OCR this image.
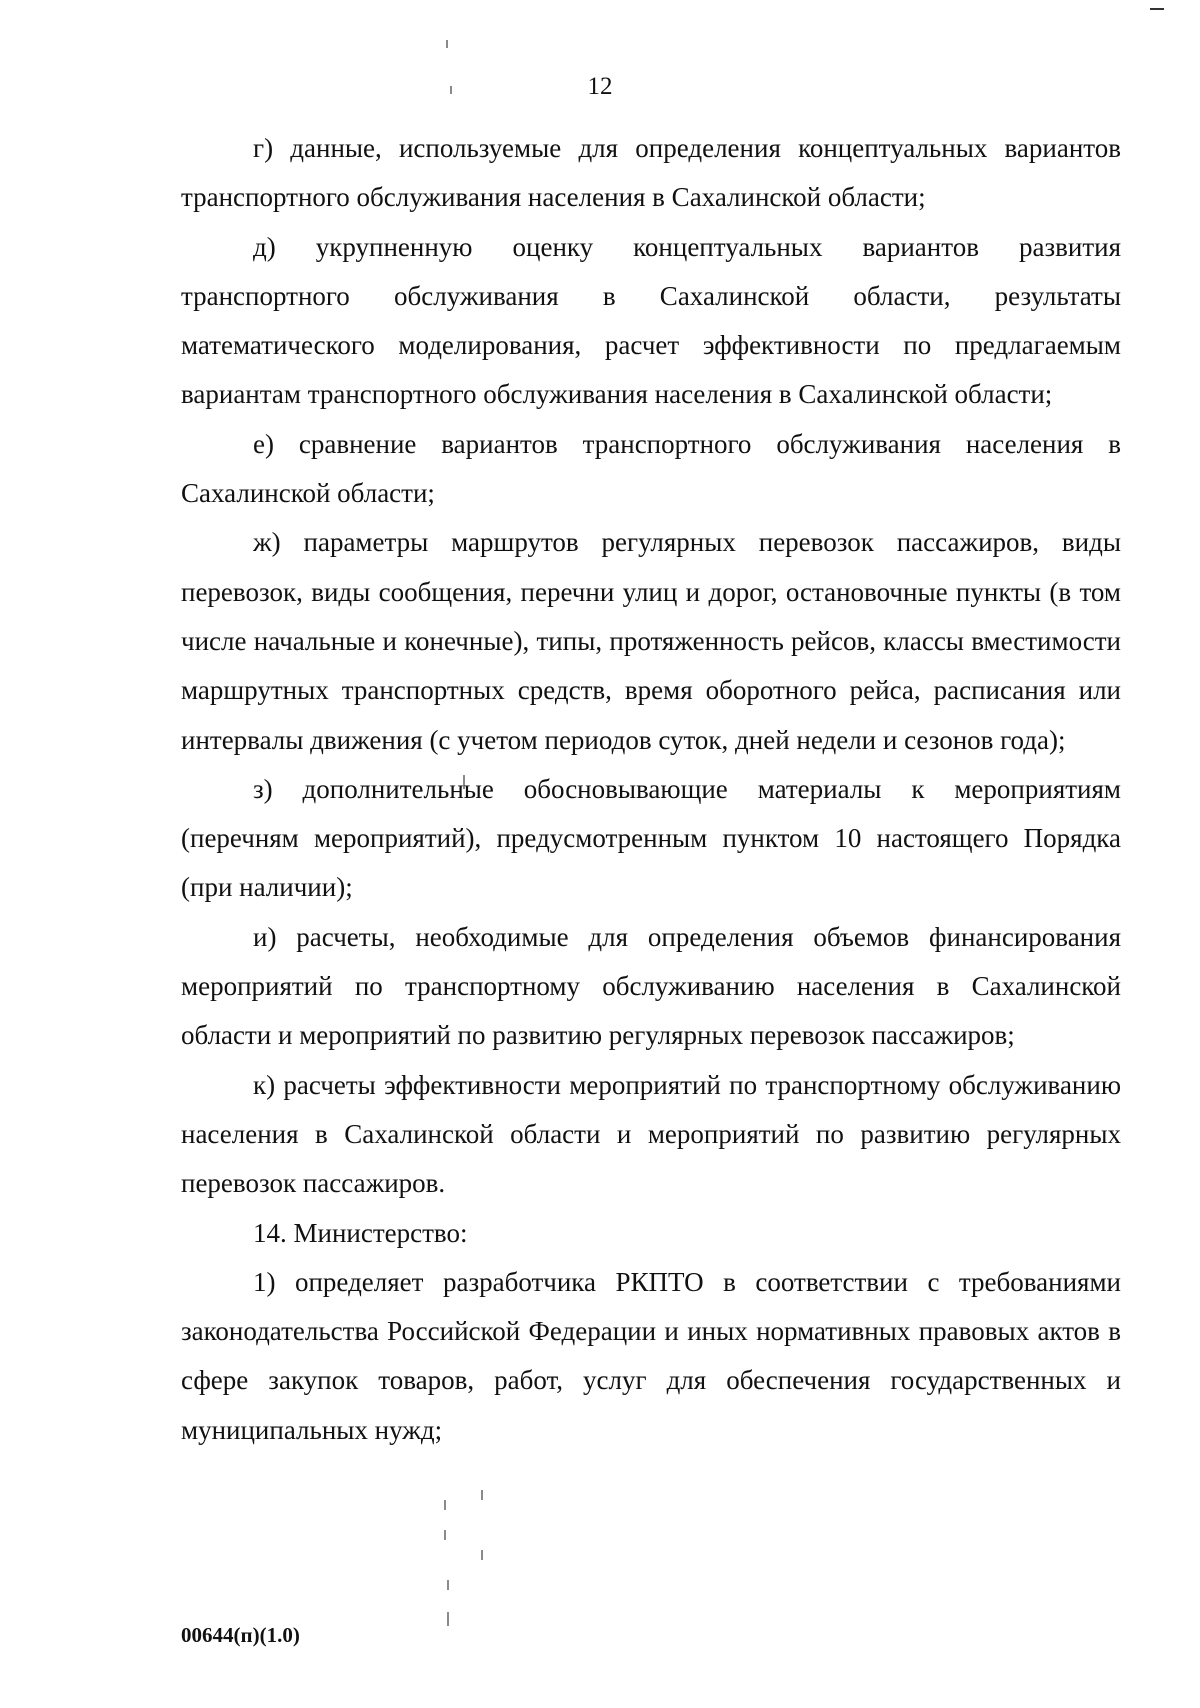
12

г) данные, используемые для определения концептуальных вариантов транспортного обслуживания населения в Сахалинской области;

д) укрупненную оценку концептуальных вариантов развития транспортного обслуживания в Сахалинской области, результаты математического моделирования, расчет эффективности по предлагаемым вариантам транспортного обслуживания населения в Сахалинской области;

е) сравнение вариантов транспортного обслуживания населения в Сахалинской области;

ж) параметры маршрутов регулярных перевозок пассажиров, виды перевозок, виды сообщения, перечни улиц и дорог, остановочные пункты (в том числе начальные и конечные), типы, протяженность рейсов, классы вместимости маршрутных транспортных средств, время оборотного рейса, расписания или интервалы движения (с учетом периодов суток, дней недели и сезонов года);

з) дополнительные обосновывающие материалы к мероприятиям (перечням мероприятий), предусмотренным пунктом 10 настоящего Порядка (при наличии);

и) расчеты, необходимые для определения объемов финансирования мероприятий по транспортному обслуживанию населения в Сахалинской области и мероприятий по развитию регулярных перевозок пассажиров;

к) расчеты эффективности мероприятий по транспортному обслуживанию населения в Сахалинской области и мероприятий по развитию регулярных перевозок пассажиров.

14. Министерство:

1) определяет разработчика РКПТО в соответствии с требованиями законодательства Российской Федерации и иных нормативных правовых актов в сфере закупок товаров, работ, услуг для обеспечения государственных и муниципальных нужд;

00644(п)(1.0)
